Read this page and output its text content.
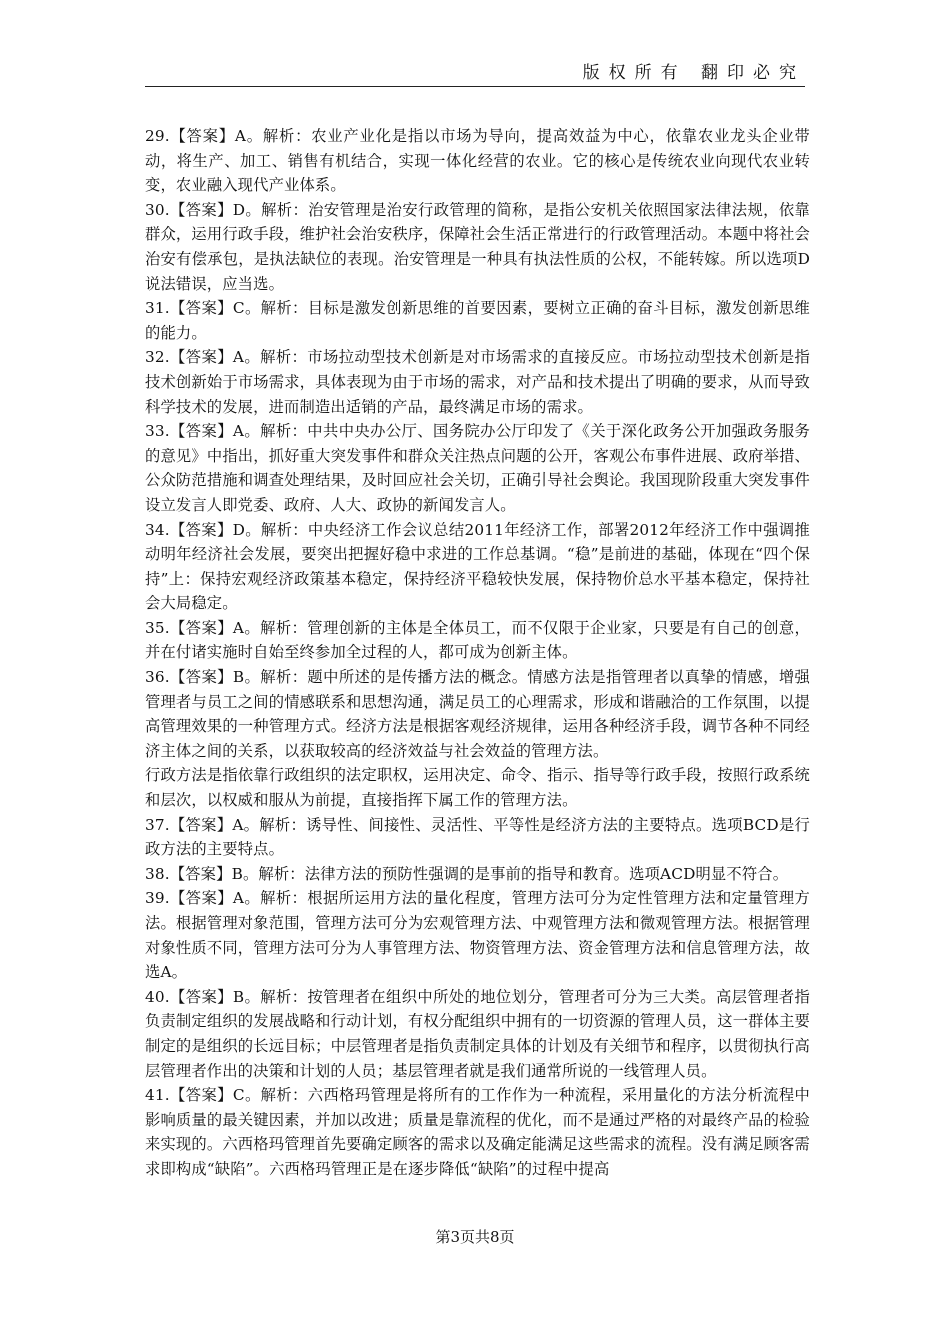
版权所有 翻印必究

29.【答案】A。解析：农业产业化是指以市场为导向，提高效益为中心，依靠农业龙头企业带动，将生产、加工、销售有机结合，实现一体化经营的农业。它的核心是传统农业向现代农业转变，农业融入现代产业体系。

30.【答案】D。解析：治安管理是治安行政管理的简称，是指公安机关依照国家法律法规，依靠群众，运用行政手段，维护社会治安秩序，保障社会生活正常进行的行政管理活动。本题中将社会治安有偿承包，是执法缺位的表现。治安管理是一种具有执法性质的公权，不能转嫁。所以选项D说法错误，应当选。

31.【答案】C。解析：目标是激发创新思维的首要因素，要树立正确的奋斗目标，激发创新思维的能力。

32.【答案】A。解析：市场拉动型技术创新是对市场需求的直接反应。市场拉动型技术创新是指技术创新始于市场需求，具体表现为由于市场的需求，对产品和技术提出了明确的要求，从而导致科学技术的发展，进而制造出适销的产品，最终满足市场的需求。

33.【答案】A。解析：中共中央办公厅、国务院办公厅印发了《关于深化政务公开加强政务服务的意见》中指出，抓好重大突发事件和群众关注热点问题的公开，客观公布事件进展、政府举措、公众防范措施和调查处理结果，及时回应社会关切，正确引导社会舆论。我国现阶段重大突发事件设立发言人即党委、政府、人大、政协的新闻发言人。

34.【答案】D。解析：中央经济工作会议总结2011年经济工作，部署2012年经济工作中强调推动明年经济社会发展，要突出把握好稳中求进的工作总基调。“稳”是前进的基础，体现在“四个保持”上：保持宏观经济政策基本稳定，保持经济平稳较快发展，保持物价总水平基本稳定，保持社会大局稳定。

35.【答案】A。解析：管理创新的主体是全体员工，而不仅限于企业家，只要是有自己的创意，并在付诸实施时自始至终参加全过程的人，都可成为创新主体。

36.【答案】B。解析：题中所述的是传播方法的概念。情感方法是指管理者以真挚的情感，增强管理者与员工之间的情感联系和思想沟通，满足员工的心理需求，形成和谐融洽的工作氛围，以提高管理效果的一种管理方式。经济方法是根据客观经济规律，运用各种经济手段，调节各种不同经济主体之间的关系，以获取较高的经济效益与社会效益的管理方法。

行政方法是指依靠行政组织的法定职权，运用决定、命令、指示、指导等行政手段，按照行政系统和层次，以权威和服从为前提，直接指挥下属工作的管理方法。

37.【答案】A。解析：诱导性、间接性、灵活性、平等性是经济方法的主要特点。选项BCD是行政方法的主要特点。

38.【答案】B。解析：法律方法的预防性强调的是事前的指导和教育。选项ACD明显不符合。

39.【答案】A。解析：根据所运用方法的量化程度，管理方法可分为定性管理方法和定量管理方法。根据管理对象范围，管理方法可分为宏观管理方法、中观管理方法和微观管理方法。根据管理对象性质不同，管理方法可分为人事管理方法、物资管理方法、资金管理方法和信息管理方法，故选A。

40.【答案】B。解析：按管理者在组织中所处的地位划分，管理者可分为三大类。高层管理者指负责制定组织的发展战略和行动计划，有权分配组织中拥有的一切资源的管理人员，这一群体主要制定的是组织的长远目标；中层管理者是指负责制定具体的计划及有关细节和程序，以贯彻执行高层管理者作出的决策和计划的人员；基层管理者就是我们通常所说的一线管理人员。

41.【答案】C。解析：六西格玛管理是将所有的工作作为一种流程，采用量化的方法分析流程中影响质量的最关键因素，并加以改进；质量是靠流程的优化，而不是通过严格的对最终产品的检验来实现的。六西格玛管理首先要确定顾客的需求以及确定能满足这些需求的流程。没有满足顾客需求即构成“缺陷”。六西格玛管理正是在逐步降低“缺陷”的过程中提高

第3页共8页
